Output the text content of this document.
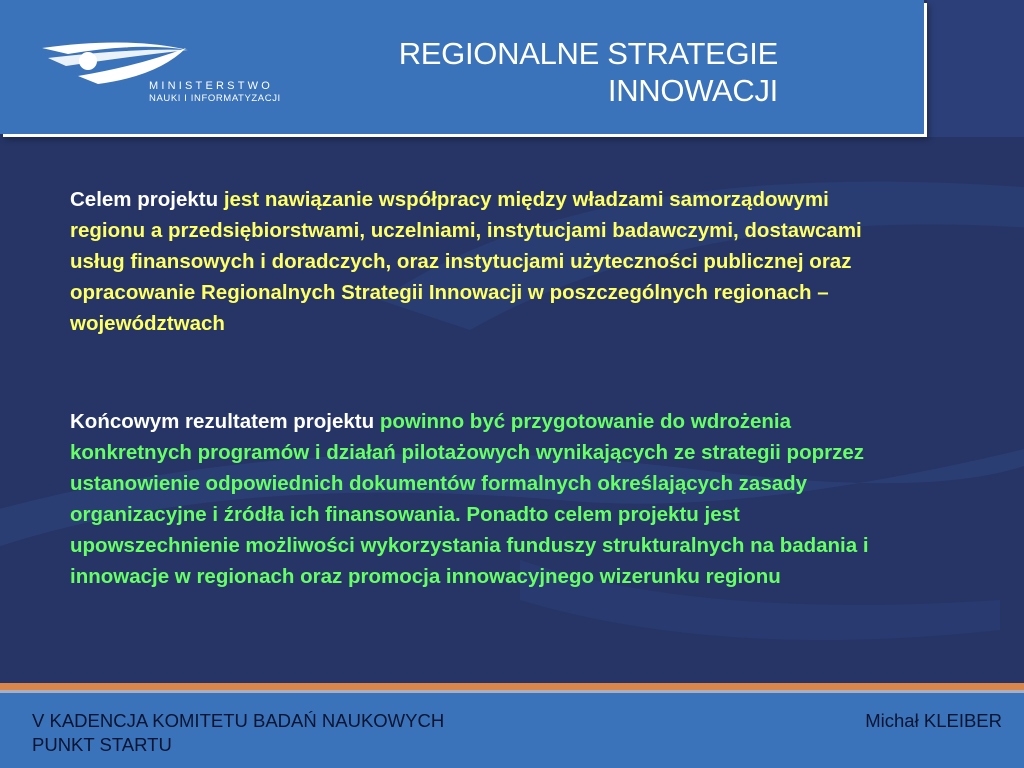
MINISTERSTWO
NAUKI I INFORMATYZACJI
REGIONALNE STRATEGIE
INNOWACJI
Celem projektu jest nawiązanie współpracy między władzami samorządowymi regionu a przedsiębiorstwami, uczelniami, instytucjami badawczymi, dostawcami usług finansowych i doradczych, oraz instytucjami użyteczności publicznej oraz opracowanie Regionalnych Strategii Innowacji w poszczególnych regionach – województwach
Końcowym rezultatem projektu powinno być przygotowanie do wdrożenia konkretnych programów i działań pilotażowych wynikających ze strategii poprzez ustanowienie odpowiednich dokumentów formalnych określających zasady organizacyjne i źródła ich finansowania. Ponadto celem projektu jest upowszechnienie możliwości wykorzystania funduszy strukturalnych na badania i innowacje w regionach oraz promocja innowacyjnego wizerunku regionu
V KADENCJA KOMITETU BADAŃ NAUKOWYCH
PUNKT STARTU
Michał KLEIBER
